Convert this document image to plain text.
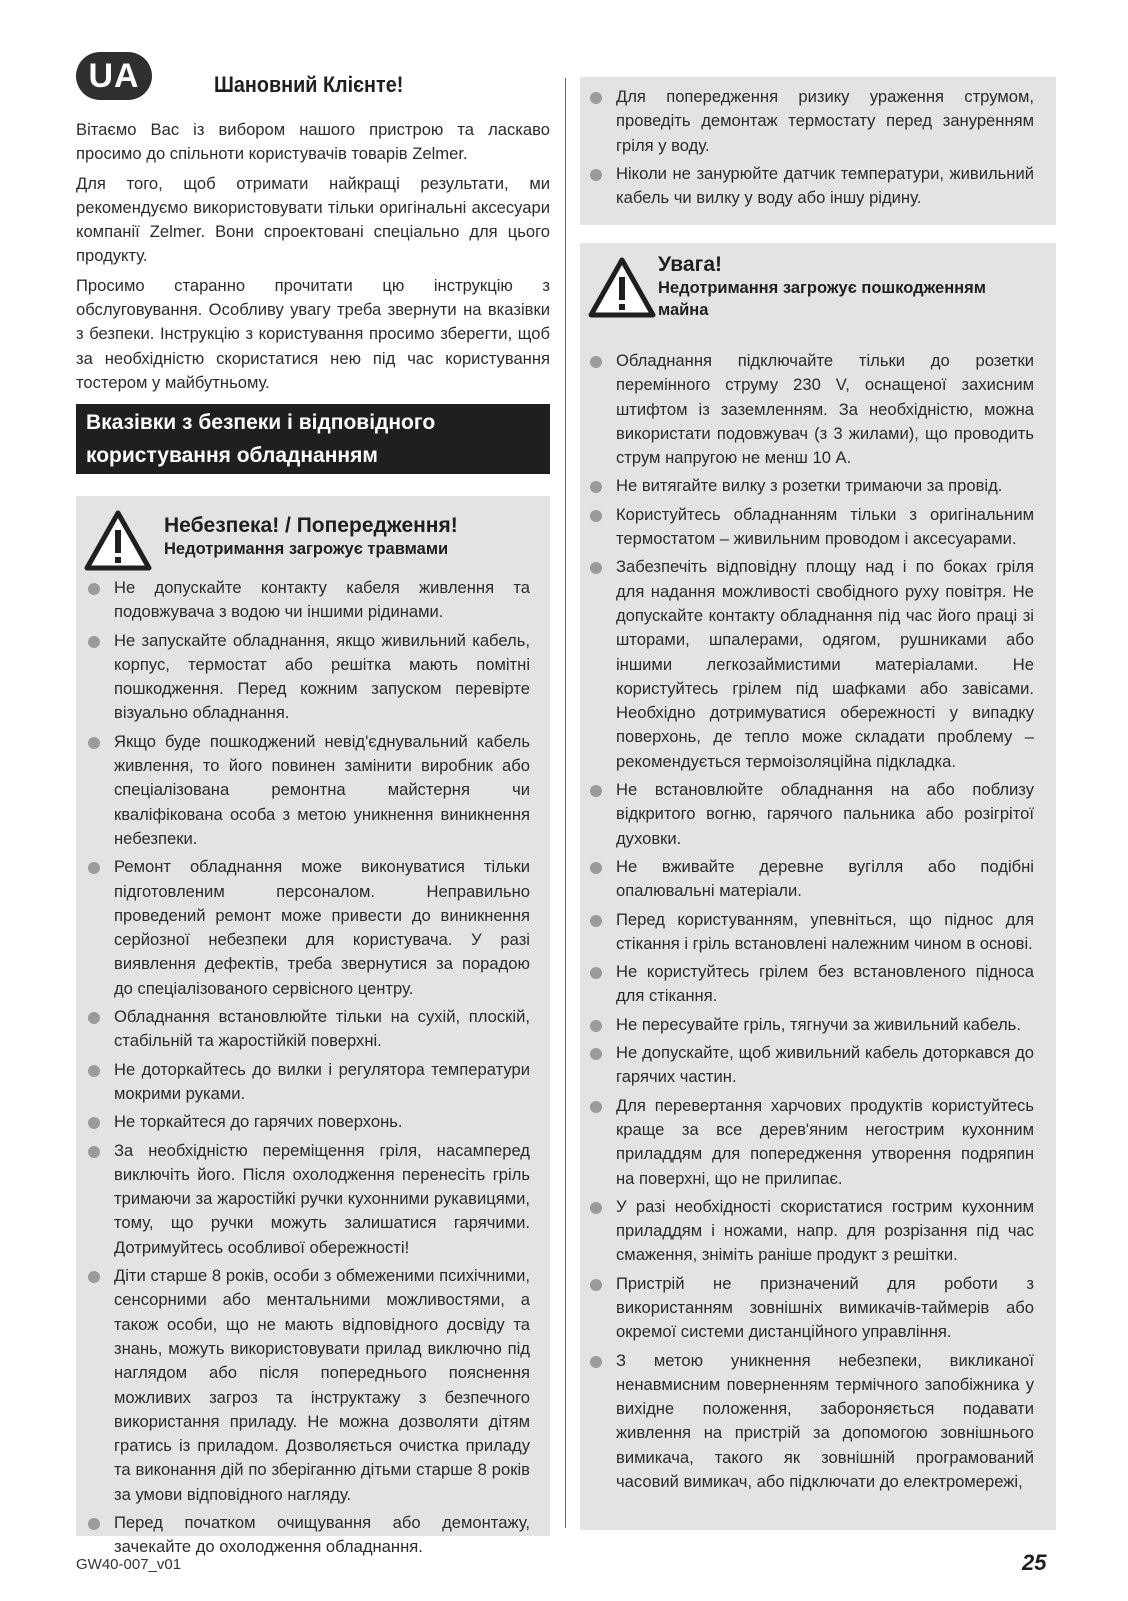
UA	Шановний Клієнте!

Вітаємо Вас із вибором нашого пристрою та ласкаво просимо до спільноти користувачів товарів Zelmer.

Для того, щоб отримати найкращі результати, ми рекомендуємо використовувати тільки оригінальні аксесуари компанії Zelmer. Вони спроектовані спеціально для цього продукту.

Просимо старанно прочитати цю інструкцію з обслуговування. Особливу увагу треба звернути на вказівки з безпеки. Інструкцію з користування просимо зберегти, щоб за необхідністю скористатися нею під час користування тостером у майбутньому.

Вказівки з безпеки і відповідного
користування обладнанням
Небезпека! / Попередження!
Недотримання загрожує травмами
Не допускайте контакту кабеля живлення та подовжувача з водою чи іншими рідинами.
Не запускайте обладнання, якщо живильний кабель, корпус, термостат або решітка мають помітні пошкодження. Перед кожним запуском перевірте візуально обладнання.
Якщо буде пошкоджений невід'єднувальний кабель живлення, то його повинен замінити виробник або спеціалізована ремонтна майстерня чи кваліфікована особа з метою уникнення виникнення небезпеки.
Ремонт обладнання може виконуватися тільки підготовленим персоналом. Неправильно проведений ремонт може привести до виникнення серйозної небезпеки для користувача. У разі виявлення дефектів, треба звернутися за порадою до спеціалізованого сервісного центру.
Обладнання встановлюйте тільки на сухій, плоскій, стабільній та жаростійкій поверхні.
Не доторкайтесь до вилки і регулятора температури мокрими руками.
Не торкайтеся до гарячих поверхонь.
За необхідністю переміщення гріля, насамперед виключіть його. Після охолодження перенесіть гріль тримаючи за жаростійкі ручки кухонними рукавицями, тому, що ручки можуть залишатися гарячими. Дотримуйтесь особливої обережності!
Діти старше 8 років, особи з обмеженими психічними, сенсорними або ментальними можливостями, а також особи, що не мають відповідного досвіду та знань, можуть використовувати прилад виключно під наглядом або після попереднього пояснення можливих загроз та інструктажу з безпечного використання приладу. Не можна дозволяти дітям гратись із приладом. Дозволяється очистка приладу та виконання дій по зберіганню дітьми старше 8 років за умови відповідного нагляду.
Перед початком очищування або демонтажу, зачекайте до охолодження обладнання.
Для попередження ризику ураження струмом, проведіть демонтаж термостату перед зануренням гріля у воду.
Ніколи не занурюйте датчик температури, живильний кабель чи вилку у воду або іншу рідину.
Увага!
Недотримання загрожує пошкодженням майна
Обладнання підключайте тільки до розетки перемінного струму 230 V, оснащеної захисним штифтом із заземленням. За необхідністю, можна використати подовжувач (з 3 жилами), що проводить струм напругою не менш 10 A.
Не витягайте вилку з розетки тримаючи за провід.
Користуйтесь обладнанням тільки з оригінальним термостатом – живильним проводом і аксесуарами.
Забезпечіть відповідну площу над і по боках гріля для надання можливості свобідного руху повітря. Не допускайте контакту обладнання під час його праці зі шторами, шпалерами, одягом, рушниками або іншими легкозаймистими матеріалами. Не користуйтесь грілем під шафками або завісами. Необхідно дотримуватися обережності у випадку поверхонь, де тепло може складати проблему – рекомендується термоізоляційна підкладка.
Не встановлюйте обладнання на або поблизу відкритого вогню, гарячого пальника або розігрітої духовки.
Не вживайте деревне вугілля або подібні опалювальні матеріали.
Перед користуванням, упевніться, що піднос для стікання і гріль встановлені належним чином в основі.
Не користуйтесь грілем без встановленого підноса для стікання.
Не пересувайте гріль, тягнучи за живильний кабель.
Не допускайте, щоб живильний кабель доторкався до гарячих частин.
Для перевертання харчових продуктів користуйтесь краще за все дерев'яним негострим кухонним приладдям для попередження утворення подряпин на поверхні, що не прилипає.
У разі необхідності скористатися гострим кухонним приладдям і ножами, напр. для розрізання під час смаження, зніміть раніше продукт з решітки.
Пристрій не призначений для роботи з використанням зовнішніх вимикачів-таймерів або окремої системи дистанційного управління.
З метою уникнення небезпеки, викликаної ненавмисним поверненням термічного запобіжника у вихідне положення, забороняється подавати живлення на пристрій за допомогою зовнішнього вимикача, такого як зовнішній програмований часовий вимикач, або підключати до електромережі,
GW40-007_v01	25
